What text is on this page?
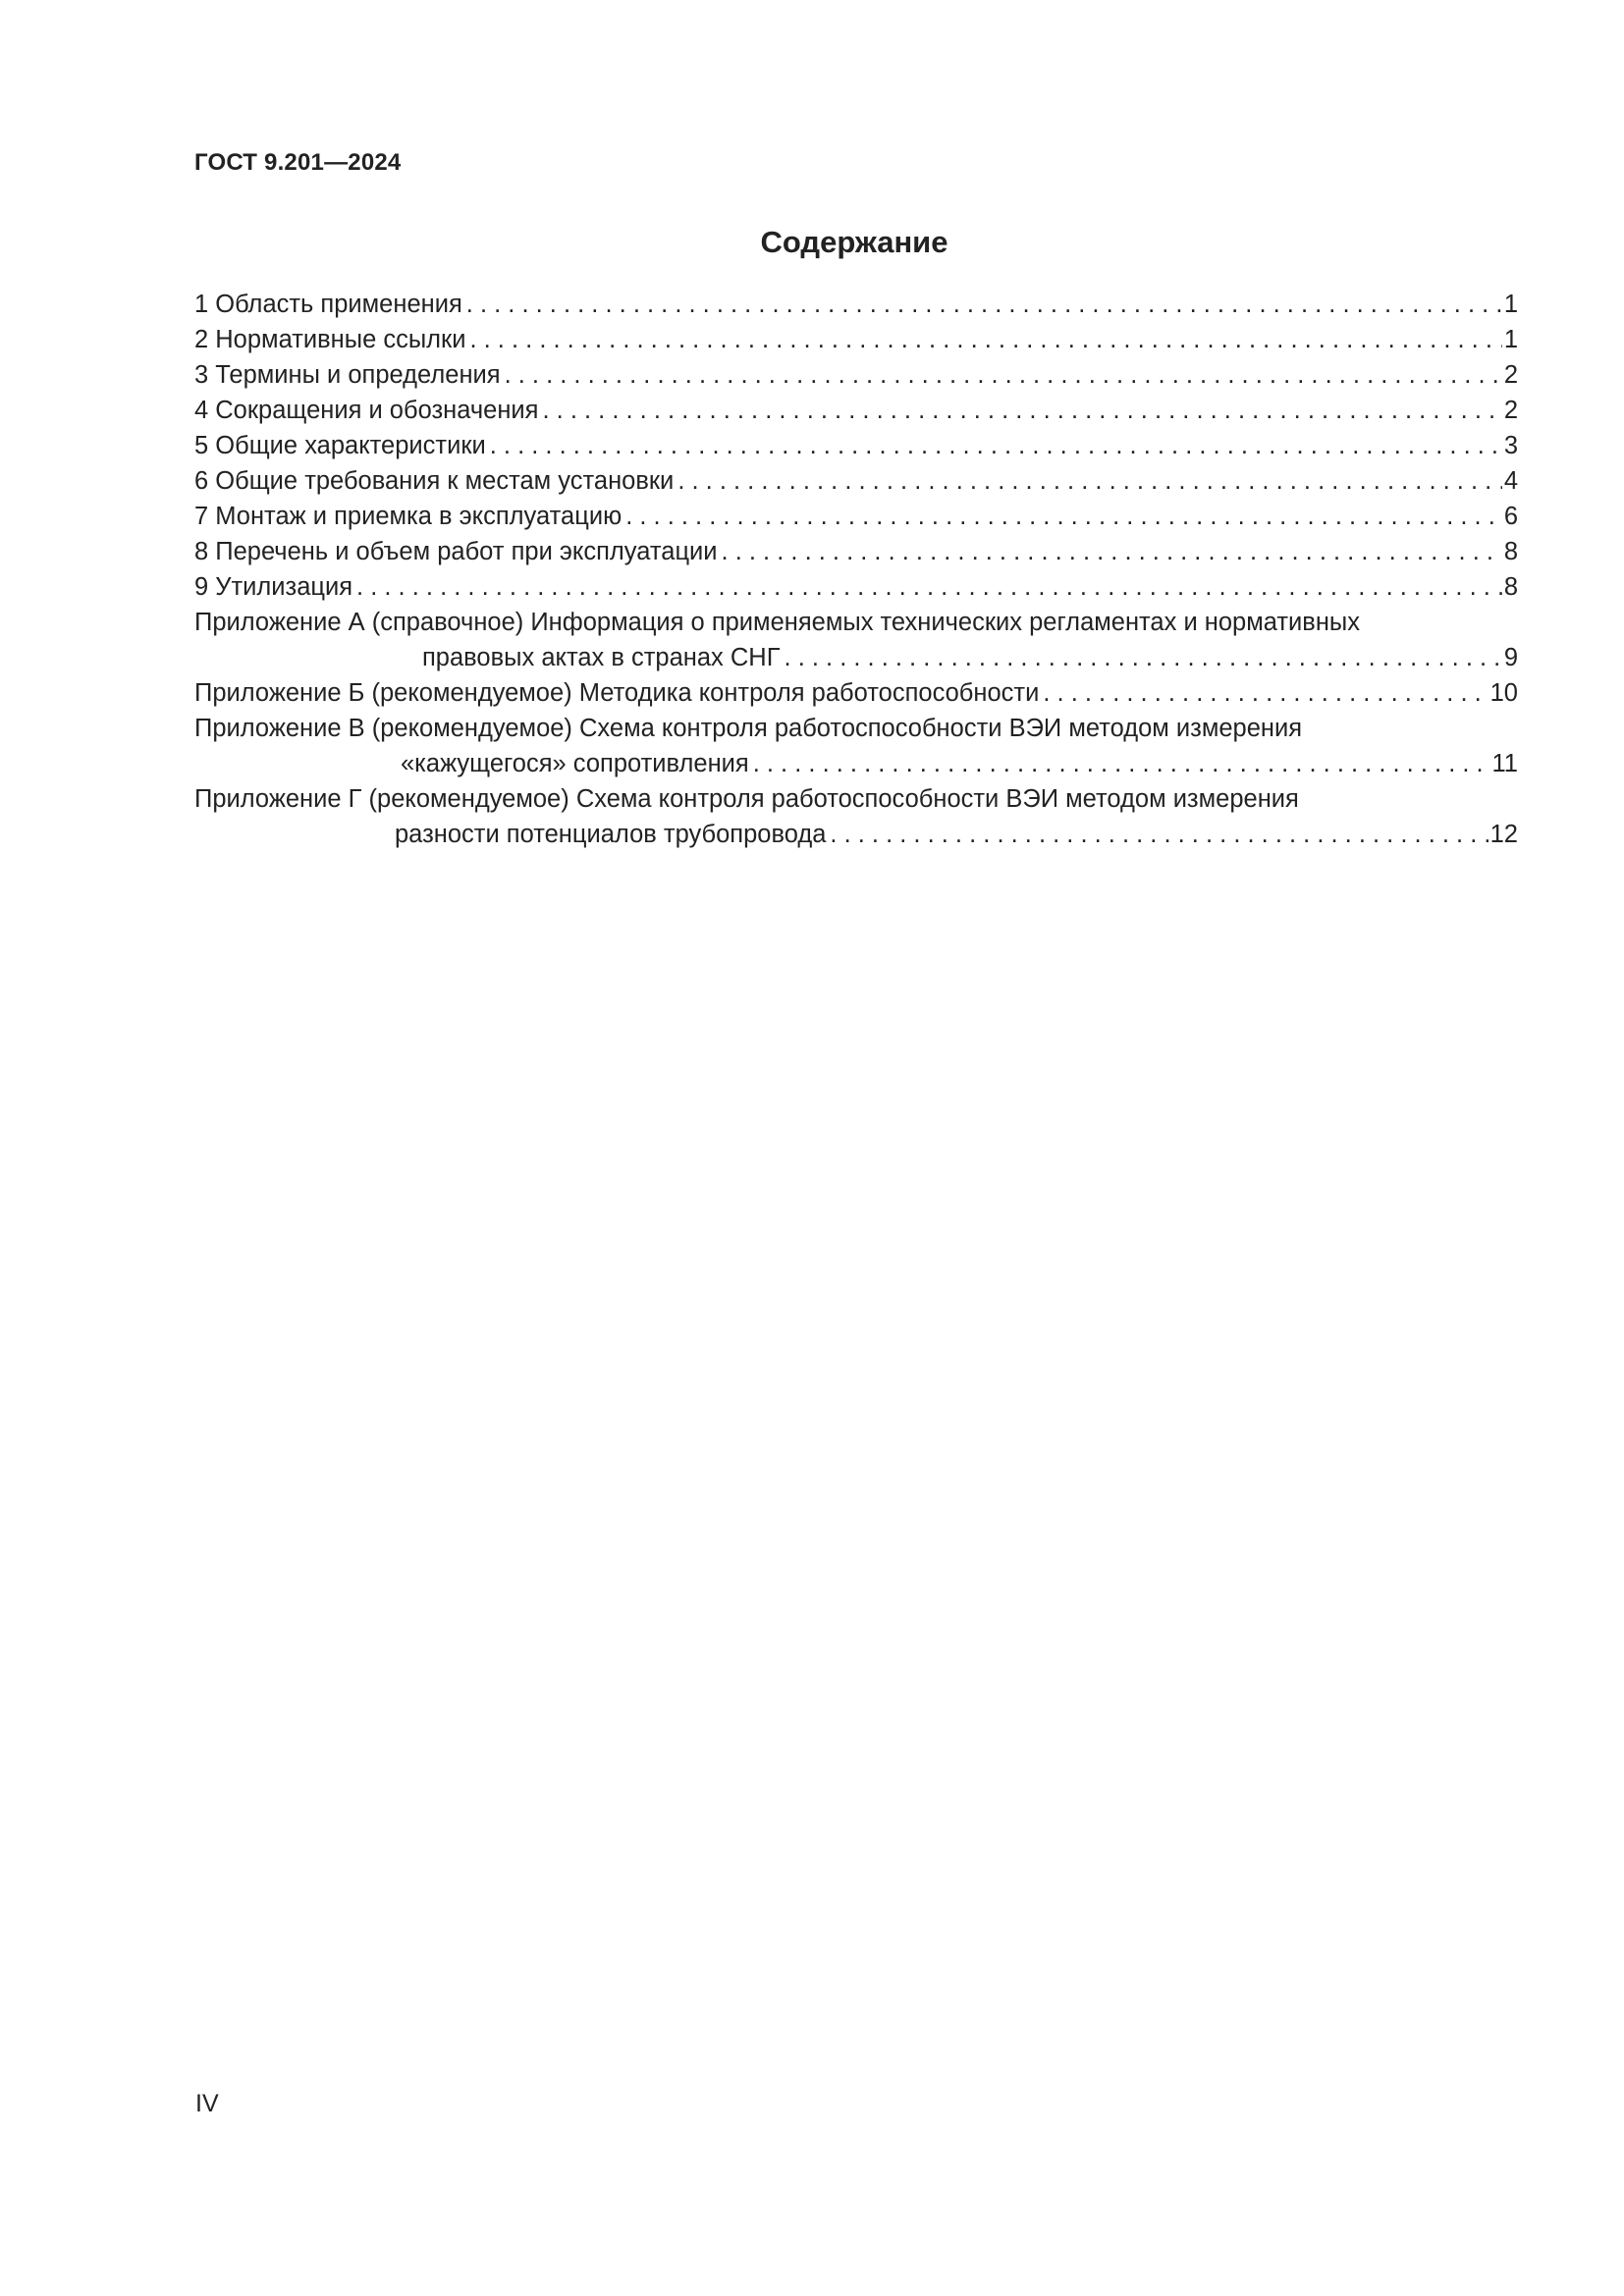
ГОСТ 9.201—2024
Содержание
1 Область применения . . .	1
2 Нормативные ссылки . . .	1
3 Термины и определения . . .	2
4 Сокращения и обозначения . . .	2
5 Общие характеристики . . .	3
6 Общие требования к местам установки . . .	4
7 Монтаж и приемка в эксплуатацию . . .	6
8 Перечень и объем работ при эксплуатации . . .	8
9 Утилизация . . .	8
Приложение А (справочное) Информация о применяемых технических регламентах и нормативных
правовых актах в странах СНГ . . .	9
Приложение Б (рекомендуемое) Методика контроля работоспособности . . .	10
Приложение В (рекомендуемое) Схема контроля работоспособности ВЭИ методом измерения
«кажущегося» сопротивления . . .	11
Приложение Г (рекомендуемое) Схема контроля работоспособности ВЭИ методом измерения
разности потенциалов трубопровода . . .	12
IV
